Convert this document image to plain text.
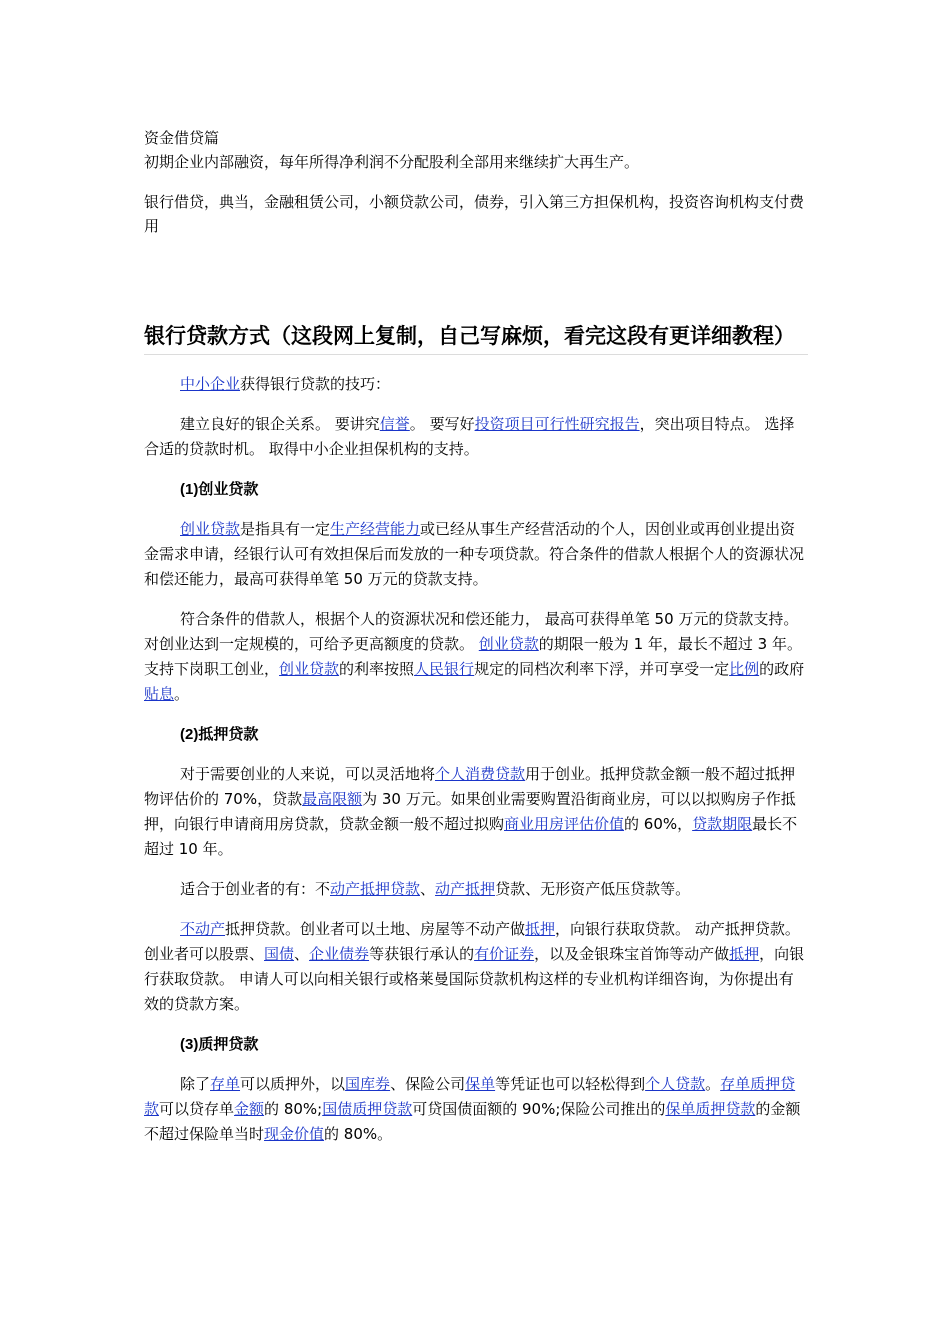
资金借贷篇

初期企业内部融资，每年所得净利润不分配股利全部用来继续扩大再生产。

银行借贷，典当，金融租赁公司，小额贷款公司，债券，引入第三方担保机构，投资咨询机构支付费用

银行贷款方式（这段网上复制，自己写麻烦，看完这段有更详细教程）

中小企业获得银行贷款的技巧：

建立良好的银企关系。 要讲究信誉。 要写好投资项目可行性研究报告，突出项目特点。 选择合适的贷款时机。 取得中小企业担保机构的支持。

(1)创业贷款

创业贷款是指具有一定生产经营能力或已经从事生产经营活动的个人，因创业或再创业提出资金需求申请，经银行认可有效担保后而发放的一种专项贷款。符合条件的借款人根据个人的资源状况和偿还能力，最高可获得单笔 50 万元的贷款支持。

符合条件的借款人，根据个人的资源状况和偿还能力， 最高可获得单笔 50 万元的贷款支持。 对创业达到一定规模的，可给予更高额度的贷款。 创业贷款的期限一般为 1 年，最长不超过 3 年。 支持下岗职工创业，创业贷款的利率按照人民银行规定的同档次利率下浮，并可享受一定比例的政府贴息。

(2)抵押贷款

对于需要创业的人来说，可以灵活地将个人消费贷款用于创业。抵押贷款金额一般不超过抵押物评估价的 70%，贷款最高限额为 30 万元。如果创业需要购置沿街商业房，可以以拟购房子作抵押，向银行申请商用房贷款，贷款金额一般不超过拟购商业用房评估价值的 60%，贷款期限最长不超过 10 年。

适合于创业者的有：不动产抵押贷款、动产抵押贷款、无形资产低压贷款等。

不动产抵押贷款。创业者可以土地、房屋等不动产做抵押，向银行获取贷款。 动产抵押贷款。创业者可以股票、国债、企业债券等获银行承认的有价证券，以及金银珠宝首饰等动产做抵押，向银行获取贷款。 申请人可以向相关银行或格莱曼国际贷款机构这样的专业机构详细咨询，为你提出有效的贷款方案。

(3)质押贷款

除了存单可以质押外，以国库券、保险公司保单等凭证也可以轻松得到个人贷款。存单质押贷款可以贷存单金额的 80%;国债质押贷款可贷国债面额的 90%;保险公司推出的保单质押贷款的金额不超过保险单当时现金价值的 80%。
